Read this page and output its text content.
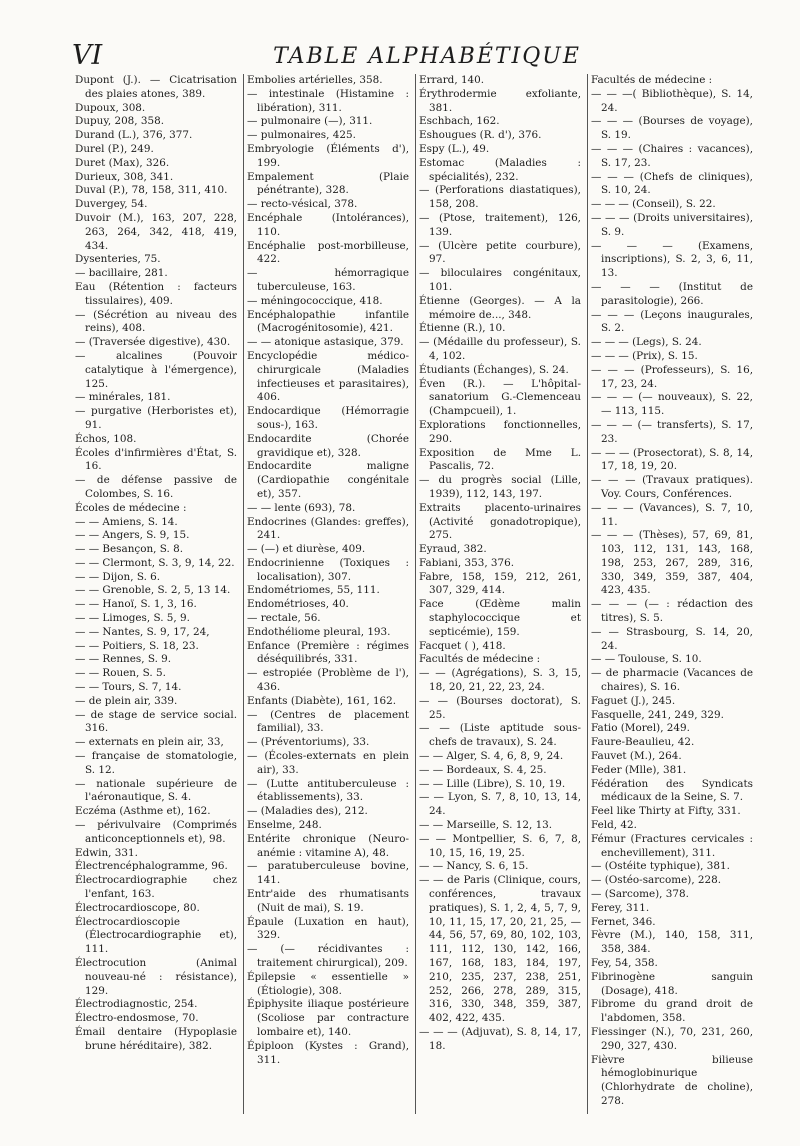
VI	TABLE ALPHABÉTIQUE

Dupont (J.). — Cicatrisation des plaies atones, 389.

Dupoux, 308.

Dupuy, 208, 358.

Durand (L.), 376, 377.

Durel (P.), 249.

Duret (Max), 326.

Durieux, 308, 341.

Duval (P.), 78, 158, 311, 410.

Duvergey, 54.

Duvoir (M.), 163, 207, 228, 263, 264, 342, 418, 419, 434.

Dysenteries, 75.

— bacillaire, 281.

Eau (Rétention : facteurs tissulaires), 409.

— (Sécrétion au niveau des reins), 408.

— (Traversée digestive), 430.

— alcalines (Pouvoir catalytique à l'émergence), 125.

— minérales, 181.

— purgative (Herboristes et), 91.

Échos, 108.

Écoles d'infirmières d'État, S. 16.

— de défense passive de Colombes, S. 16.

Écoles de médecine :

— — Amiens, S. 14.

— — Angers, S. 9, 15.

— — Besançon, S. 8.

— — Clermont, S. 3, 9, 14, 22.

— — Dijon, S. 6.

— — Grenoble, S. 2, 5, 13 14.

— — Hanoï, S. 1, 3, 16.

— — Limoges, S. 5, 9.

— — Nantes, S. 9, 17, 24,

— — Poitiers, S. 18, 23.

— — Rennes, S. 9.

— — Rouen, S. 5.

— — Tours, S. 7, 14.

— de plein air, 339.

— de stage de service social. 316.

— externats en plein air, 33,

— française de stomatologie, S. 12.

— nationale supérieure de l'aéronautique, S. 4.

Eczéma (Asthme et), 162.

— périvulvaire (Comprimés anticonceptionnels et), 98.

Edwin, 331.

Électrencéphalogramme, 96.

Électrocardiographie chez l'enfant, 163.

Électrocardioscope, 80.

Électrocardioscopie (Électrocardiographie et), 111.

Électrocution (Animal nouveau-né : résistance), 129.

Électrodiagnostic, 254.

Électro-endosmose, 70.

Émail dentaire (Hypoplasie brune héréditaire), 382.

Embolies artérielles, 358.

— intestinale (Histamine : libération), 311.

— pulmonaire (—), 311.

— pulmonaires, 425.

Embryologie (Éléments d'), 199.

Empalement (Plaie pénétrante), 328.

— recto-vésical, 378.

Encéphale (Intolérances), 110.

Encéphalie post-morbilleuse, 422.

— hémorragique tuberculeuse, 163.

— méningococcique, 418.

Encéphalopathie infantile (Macrogénitosomie), 421.

— — atonique astasique, 379.

Encyclopédie médico-chirurgicale (Maladies infectieuses et parasitaires), 406.

Endocardique (Hémorragie sous-), 163.

Endocardite (Chorée gravidique et), 328.

Endocardite maligne (Cardiopathie congénitale et), 357.

— — lente (693), 78.

Endocrines (Glandes: greffes), 241.

— (—) et diurèse, 409.

Endocrinienne (Toxiques : localisation), 307.

Endométriomes, 55, 111.

Endométrioses, 40.

— rectale, 56.

Endothéliome pleural, 193.

Enfance (Première : régimes déséquilibrés, 331.

— estropiée (Problème de l'), 436.

Enfants (Diabète), 161, 162.

— (Centres de placement familial), 33.

— (Préventoriums), 33.

— (Écoles-externats en plein air), 33.

— (Lutte antituberculeuse : établissements), 33.

— (Maladies des), 212.

Enselme, 248.

Entérite chronique (Neuro-anémie : vitamine A), 48.

— paratuberculeuse bovine, 141.

Entr'aide des rhumatisants (Nuit de mai), S. 19.

Épaule (Luxation en haut), 329.

— (— récidivantes : traitement chirurgical), 209.

Épilepsie « essentielle » (Étiologie), 308.

Épiphysite iliaque postérieure (Scoliose par contracture lombaire et), 140.

Épiploon (Kystes : Grand), 311.

Errard, 140.

Érythrodermie exfoliante, 381.

Eschbach, 162.

Eshougues (R. d'), 376.

Espy (L.), 49.

Estomac (Maladies : spécialités), 232.

— (Perforations diastatiques), 158, 208.

— (Ptose, traitement), 126, 139.

— (Ulcère petite courbure), 97.

— biloculaires congénitaux, 101.

Étienne (Georges). — A la mémoire de..., 348.

Étienne (R.), 10.

— (Médaille du professeur), S. 4, 102.

Étudiants (Échanges), S. 24.

Éven (R.). — L'hôpital-sanatorium G.-Clemenceau (Champcueil), 1.

Explorations fonctionnelles, 290.

Exposition de Mme L. Pascalis, 72.

— du progrès social (Lille, 1939), 112, 143, 197.

Extraits placento-urinaires (Activité gonadotropique), 275.

Eyraud, 382.

Fabiani, 353, 376.

Fabre, 158, 159, 212, 261, 307, 329, 414.

Face (Œdème malin staphylococcique et septicémie), 159.

Facquet ( ), 418.

Facultés de médecine :

— — (Agrégations), S. 3, 15, 18, 20, 21, 22, 23, 24.

— — (Bourses doctorat), S. 25.

— — (Liste aptitude sous-chefs de travaux), S. 24.

— — Alger, S. 4, 6, 8, 9, 24.

— — Bordeaux, S. 4, 25.

— — Lille (Libre), S. 10, 19.

— — Lyon, S. 7, 8, 10, 13, 14, 24.

— — Marseille, S. 12, 13.

— — Montpellier, S. 6, 7, 8, 10, 15, 16, 19, 25.

— — Nancy, S. 6, 15.

— — de Paris (Clinique, cours, conférences, travaux pratiques), S. 1, 2, 4, 5, 7, 9, 10, 11, 15, 17, 20, 21, 25, — 44, 56, 57, 69, 80, 102, 103, 111, 112, 130, 142, 166, 167, 168, 183, 184, 197, 210, 235, 237, 238, 251, 252, 266, 278, 289, 315, 316, 330, 348, 359, 387, 402, 422, 435.

— — — (Adjuvat), S. 8, 14, 17, 18.

Facultés de médecine :

— — —( Bibliothèque), S. 14, 24.

— — — (Bourses de voyage), S. 19.

— — — (Chaires : vacances), S. 17, 23.

— — — (Chefs de cliniques), S. 10, 24.

— — — (Conseil), S. 22.

— — — (Droits universitaires), S. 9.

— — — (Examens, inscriptions), S. 2, 3, 6, 11, 13.

— — — (Institut de parasitologie), 266.

— — — (Leçons inaugurales, S. 2.

— — — (Legs), S. 24.

— — — (Prix), S. 15.

— — — (Professeurs), S. 16, 17, 23, 24.

— — — (— nouveaux), S. 22, — 113, 115.

— — — (— transferts), S. 17, 23.

— — — (Prosectorat), S. 8, 14, 17, 18, 19, 20.

— — — (Travaux pratiques). Voy. Cours, Conférences.

— — — (Vavances), S. 7, 10, 11.

— — — (Thèses), 57, 69, 81, 103, 112, 131, 143, 168, 198, 253, 267, 289, 316, 330, 349, 359, 387, 404, 423, 435.

— — — (— : rédaction des titres), S. 5.

— — Strasbourg, S. 14, 20, 24.

— — Toulouse, S. 10.

— de pharmacie (Vacances de chaires), S. 16.

Faguet (J.), 245.

Fasquelle, 241, 249, 329.

Fatio (Morel), 249.

Faure-Beaulieu, 42.

Fauvet (M.), 264.

Feder (Mlle), 381.

Fédération des Syndicats médicaux de la Seine, S. 7.

Feel like Thirty at Fifty, 331.

Feld, 42.

Fémur (Fractures cervicales : enchevillement), 311.

— (Ostéite typhique), 381.

— (Ostéo-sarcome), 228.

— (Sarcome), 378.

Ferey, 311.

Fernet, 346.

Fèvre (M.), 140, 158, 311, 358, 384.

Fey, 54, 358.

Fibrinogène sanguin (Dosage), 418.

Fibrome du grand droit de l'abdomen, 358.

Fiessinger (N.), 70, 231, 260, 290, 327, 430.

Fièvre bilieuse hémoglobinurique (Chlorhydrate de choline), 278.
